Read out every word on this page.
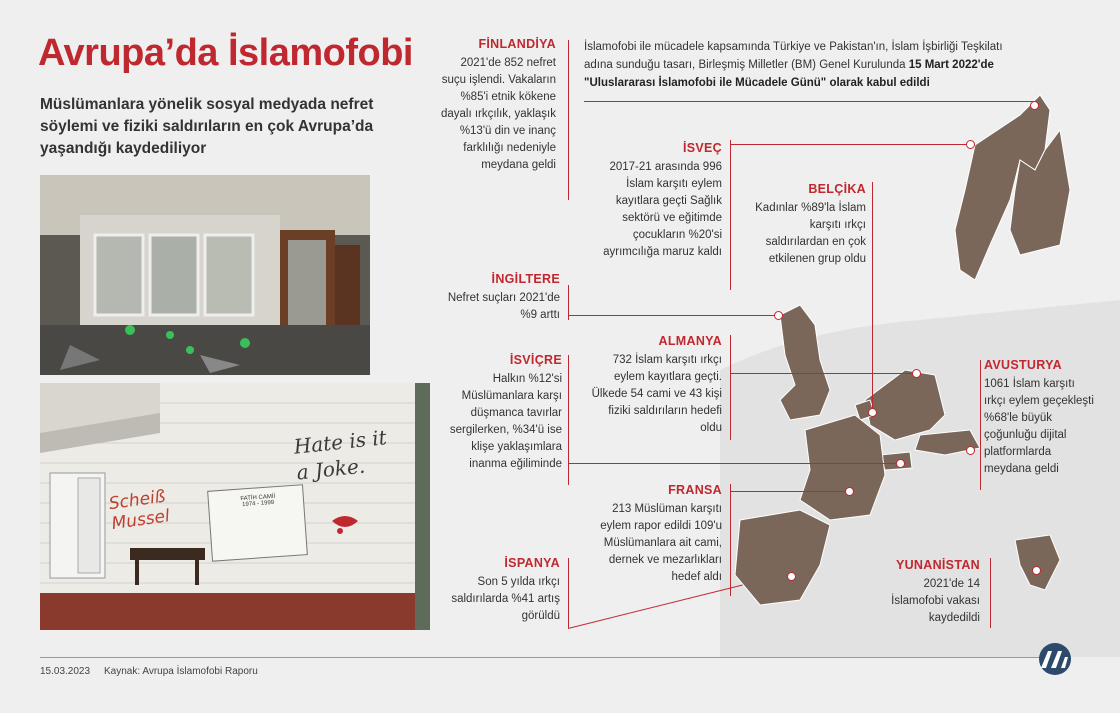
Avrupa’da İslamofobi
Müslümanlara yönelik sosyal medyada nefret söylemi ve fiziki saldırıların en çok Avrupa’da yaşandığı kaydediliyor
Hate is it a Joke.
Scheiß Mussel
FATİH CAMİİ
1974 - 1999
İslamofobi ile mücadele kapsamında Türkiye ve Pakistan'ın, İslam İşbirliği Teşkilatı adına sunduğu tasarı, Birleşmiş Milletler (BM) Genel Kurulunda 15 Mart 2022'de "Uluslararası İslamofobi ile Mücadele Günü" olarak kabul edildi
FİNLANDİYA
2021'de 852 nefret suçu işlendi. Vakaların %85'i etnik kökene dayalı ırkçılık, yaklaşık %13'ü din ve inanç farklılığı nedeniyle meydana geldi
İSVEÇ
2017-21 arasında 996 İslam karşıtı eylem kayıtlara geçti Sağlık sektörü ve eğitimde çocukların %20'si ayrımcılığa maruz kaldı
BELÇİKA
Kadınlar %89'la İslam karşıtı ırkçı saldırılardan en çok etkilenen grup oldu
İNGİLTERE
Nefret suçları 2021'de %9 arttı
ALMANYA
732 İslam karşıtı ırkçı eylem kayıtlara geçti. Ülkede 54 cami ve 43 kişi fiziki saldırıların hedefi oldu
İSVİÇRE
Halkın %12'si Müslümanlara karşı düşmanca tavırlar sergilerken, %34'ü ise klişe yaklaşımlara inanma eğiliminde
AVUSTURYA
1061 İslam karşıtı ırkçı eylem geçekleşti %68'le büyük çoğunluğu dijital platformlarda meydana geldi
FRANSA
213 Müslüman karşıtı eylem rapor edildi 109'u Müslümanlara ait cami, dernek ve mezarlıkları hedef aldı
İSPANYA
Son 5 yılda ırkçı saldırılarda %41 artış görüldü
YUNANİSTAN
2021'de 14 İslamofobi vakası kaydedildi
15.03.2023 Kaynak: Avrupa İslamofobi Raporu
